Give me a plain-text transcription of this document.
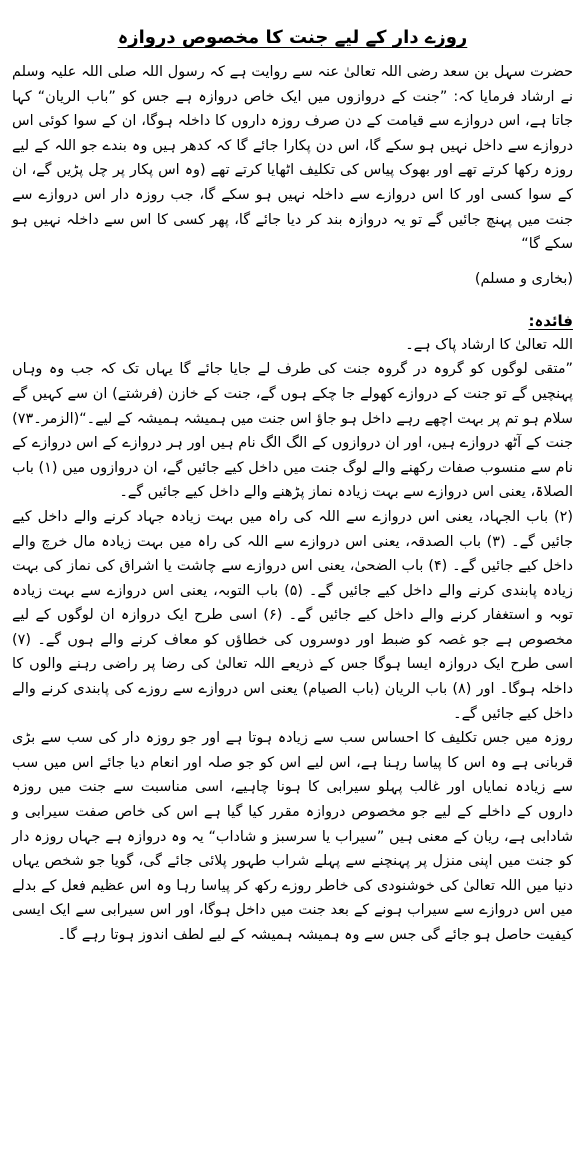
روزے دار کے لیے جنت کا مخصوص دروازہ

حضرت سہل بن سعد رضی اللہ تعالیٰ عنہ سے روایت ہے کہ رسول اللہ صلی اللہ علیہ وسلم نے ارشاد فرمایا کہ: ”جنت کے دروازوں میں ایک خاص دروازہ ہے جس کو ”باب الریان“ کہا جاتا ہے، اس دروازے سے قیامت کے دن صرف روزہ داروں کا داخلہ ہوگا، ان کے سوا کوئی اس دروازے سے داخل نہیں ہو سکے گا، اس دن پکارا جائے گا کہ کدھر ہیں وہ بندے جو اللہ کے لیے روزہ رکھا کرتے تھے اور بھوک پیاس کی تکلیف اٹھایا کرتے تھے (وہ اس پکار پر چل پڑیں گے، ان کے سوا کسی اور کا اس دروازے سے داخلہ نہیں ہو سکے گا، جب روزہ دار اس دروازے سے جنت میں پہنچ جائیں گے تو یہ دروازہ بند کر دیا جائے گا، پھر کسی کا اس سے داخلہ نہیں ہو سکے گا“

(بخاری و مسلم)

فائدہ:

اللہ تعالیٰ کا ارشاد پاک ہے۔

”متقی لوگوں کو گروہ در گروہ جنت کی طرف لے جایا جائے گا یہاں تک کہ جب وہ وہاں پہنچیں گے تو جنت کے دروازے کھولے جا چکے ہوں گے، جنت کے خازن (فرشتے) ان سے کہیں گے سلام ہو تم پر بہت اچھے رہے داخل ہو جاؤ اس جنت میں ہمیشہ ہمیشہ کے لیے۔“(الزمر۔۷۳)

جنت کے آٹھ دروازے ہیں، اور ان دروازوں کے الگ الگ نام ہیں اور ہر دروازے کے اس دروازے کے نام سے منسوب صفات رکھنے والے لوگ جنت میں داخل کیے جائیں گے، ان دروازوں میں (۱) باب الصلاۃ، یعنی اس دروازے سے بہت زیادہ نماز پڑھنے والے داخل کیے جائیں گے۔

(۲) باب الجہاد، یعنی اس دروازے سے اللہ کی راہ میں بہت زیادہ جہاد کرنے والے داخل کیے جائیں گے۔ (۳) باب الصدقہ، یعنی اس دروازے سے اللہ کی راہ میں بہت زیادہ مال خرچ والے داخل کیے جائیں گے۔ (۴) باب الضحیٰ، یعنی اس دروازے سے چاشت یا اشراق کی نماز کی بہت زیادہ پابندی کرنے والے داخل کیے جائیں گے۔ (۵) باب التوبہ، یعنی اس دروازے سے بہت زیادہ توبہ و استغفار کرنے والے داخل کیے جائیں گے۔ (۶) اسی طرح ایک دروازہ ان لوگوں کے لیے مخصوص ہے جو غصہ کو ضبط اور دوسروں کی خطاؤں کو معاف کرنے والے ہوں گے۔ (۷) اسی طرح ایک دروازہ ایسا ہوگا جس کے ذریعے اللہ تعالیٰ کی رضا پر راضی رہنے والوں کا داخلہ ہوگا۔ اور (۸) باب الریان (باب الصیام) یعنی اس دروازے سے روزے کی پابندی کرنے والے داخل کیے جائیں گے۔

روزہ میں جس تکلیف کا احساس سب سے زیادہ ہوتا ہے اور جو روزہ دار کی سب سے بڑی قربانی ہے وہ اس کا پیاسا رہنا ہے، اس لیے اس کو جو صلہ اور انعام دیا جائے اس میں سب سے زیادہ نمایاں اور غالب پہلو سیرابی کا ہونا چاہیے، اسی مناسبت سے جنت میں روزہ داروں کے داخلے کے لیے جو مخصوص دروازہ مقرر کیا گیا ہے اس کی خاص صفت سیرابی و شادابی ہے، ریان کے معنی ہیں ”سیراب یا سرسبز و شاداب“ یہ وہ دروازہ ہے جہاں روزہ دار کو جنت میں اپنی منزل پر پہنچنے سے پہلے شراب طہور پلائی جائے گی، گویا جو شخص یہاں دنیا میں اللہ تعالیٰ کی خوشنودی کی خاطر روزے رکھ کر پیاسا رہا وہ اس عظیم فعل کے بدلے میں اس دروازے سے سیراب ہونے کے بعد جنت میں داخل ہوگا، اور اس سیرابی سے ایک ایسی کیفیت حاصل ہو جائے گی جس سے وہ ہمیشہ ہمیشہ کے لیے لطف اندوز ہوتا رہے گا۔
